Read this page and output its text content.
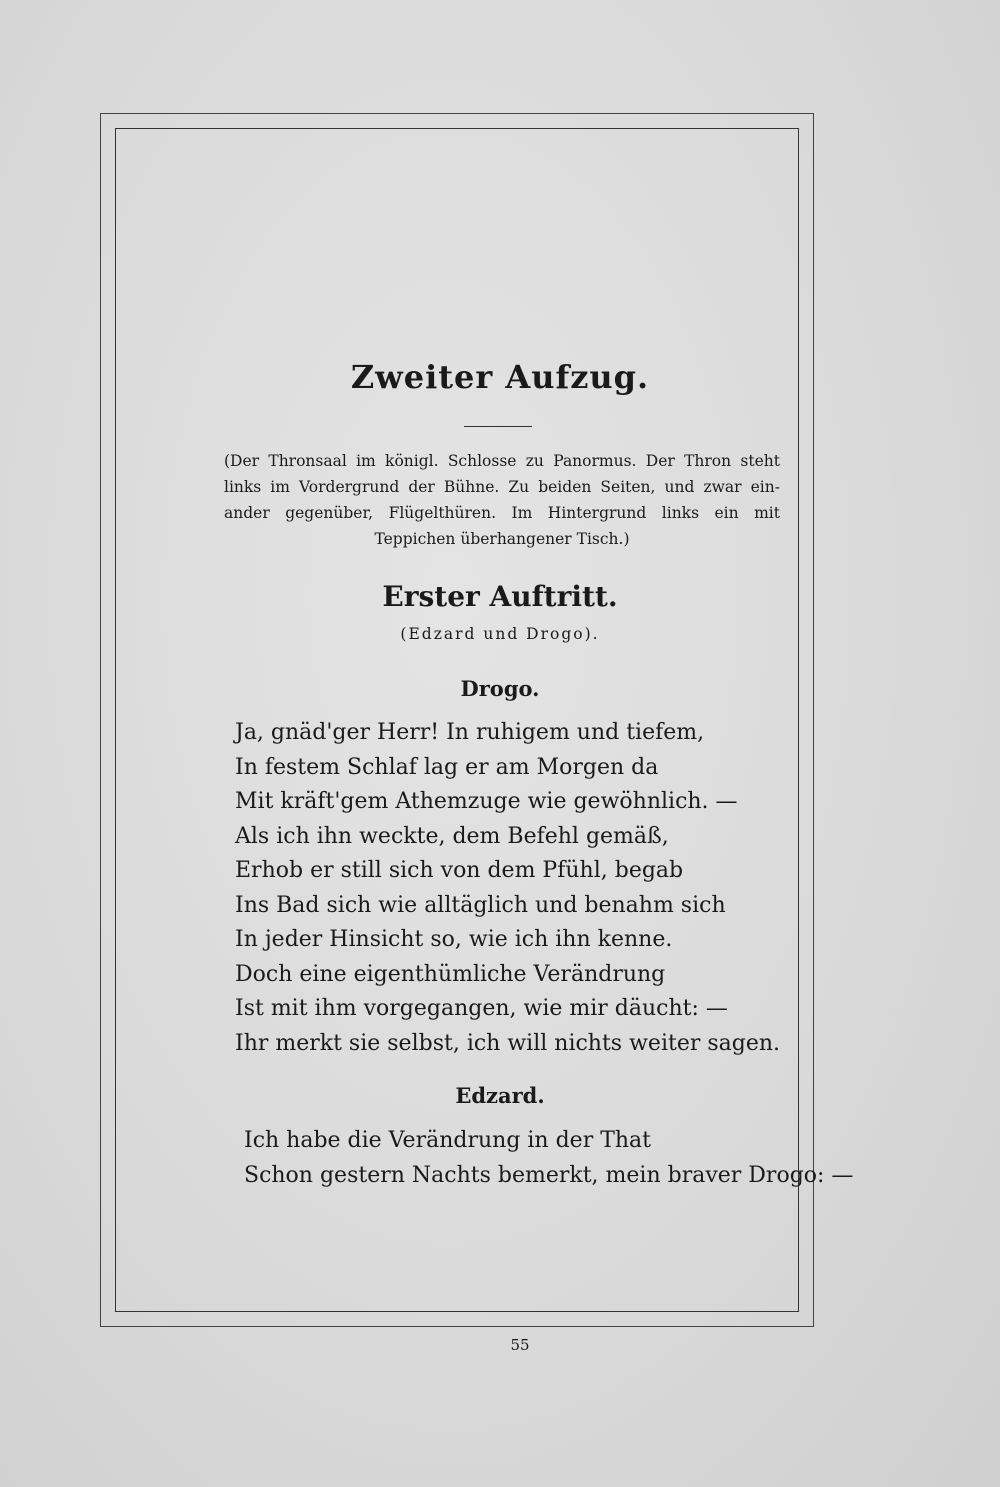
Zweiter Aufzug.
(Der Thronsaal im königl. Schlosse zu Panormus. Der Thron steht links im Vordergrund der Bühne. Zu beiden Seiten, und zwar ein- ander gegenüber, Flügelthüren. Im Hintergrund links ein mit Teppichen überhangener Tisch.)
Erster Auftritt.
(Edzard und Drogo).
Drogo.
Ja, gnäd'ger Herr! In ruhigem und tiefem,
In festem Schlaf lag er am Morgen da
Mit kräft'gem Athemzuge wie gewöhnlich. —
Als ich ihn weckte, dem Befehl gemäß,
Erhob er still sich von dem Pfühl, begab
Ins Bad sich wie alltäglich und benahm sich
In jeder Hinsicht so, wie ich ihn kenne.
Doch eine eigenthümliche Verändrung
Ist mit ihm vorgegangen, wie mir däucht: —
Ihr merkt sie selbst, ich will nichts weiter sagen.
Edzard.
Ich habe die Verändrung in der That
Schon gestern Nachts bemerkt, mein braver Drogo: —
55
